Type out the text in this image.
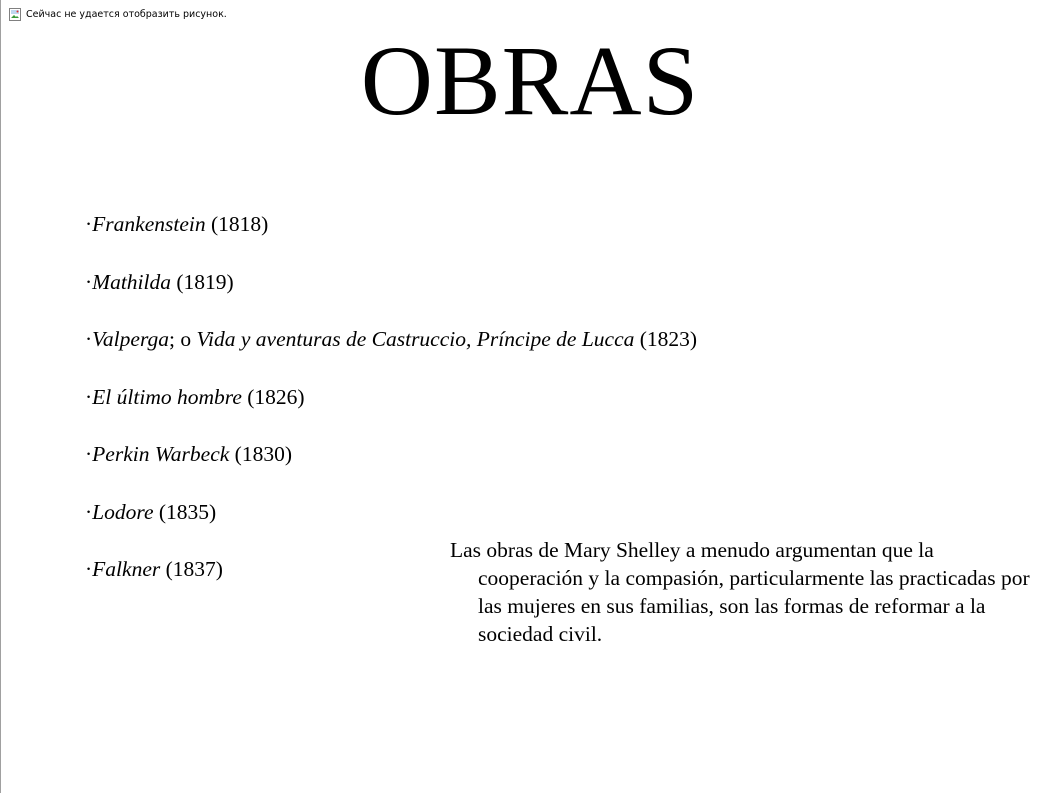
Сейчас не удается отобразить рисунок.
OBRAS
·Frankenstein (1818)
·Mathilda (1819)
·Valperga; o Vida y aventuras de Castruccio, Príncipe de Lucca (1823)
·El último hombre (1826)
·Perkin Warbeck (1830)
·Lodore (1835)
·Falkner (1837)
Las obras de Mary Shelley a menudo argumentan que la cooperación y la compasión, particularmente las practicadas por las mujeres en sus familias, son las formas de reformar a la sociedad civil.
